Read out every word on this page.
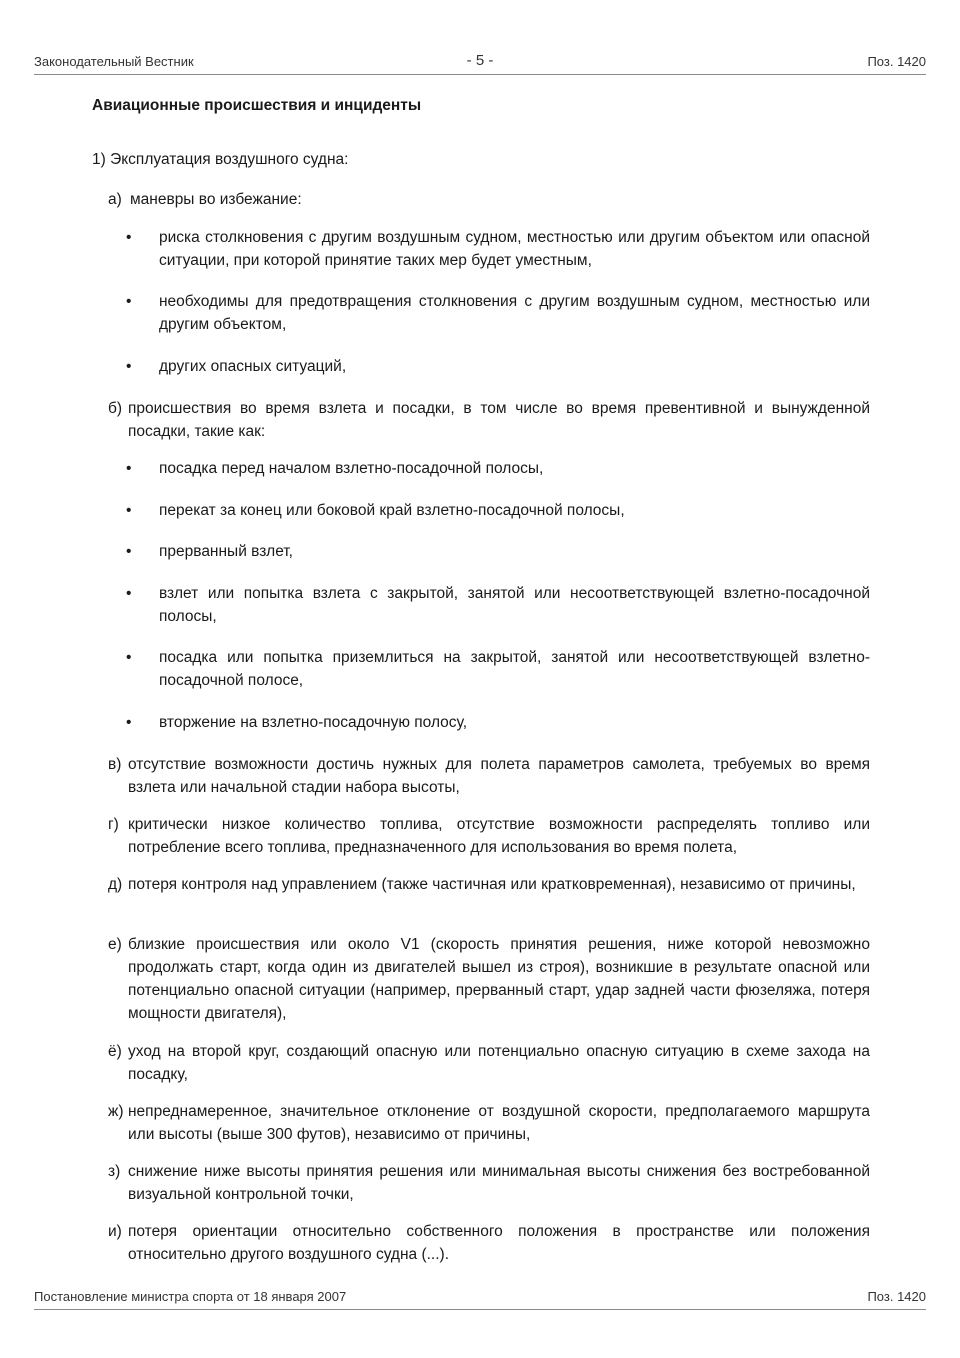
Законодательный Вестник	- 5 -	Поз. 1420
Авиационные происшествия и инциденты
1) Эксплуатация воздушного судна:
а) маневры во избежание:
•	риска столкновения с другим воздушным судном, местностью или другим объектом или опасной ситуации, при которой принятие таких мер будет уместным,
•	необходимы для предотвращения столкновения с другим воздушным судном, местностью или другим объектом,
•	других опасных ситуаций,
б) происшествия во время взлета и посадки, в том числе во время превентивной и вынужденной посадки, такие как:
•	посадка перед началом взлетно-посадочной полосы,
•	перекат за конец или боковой край взлетно-посадочной полосы,
•	прерванный взлет,
•	взлет или попытка взлета с закрытой, занятой или несоответствующей взлетно-посадочной полосы,
•	посадка или попытка приземлиться на закрытой, занятой или несоответствующей взлетно-посадочной полосе,
•	вторжение на взлетно-посадочную полосу,
в) отсутствие возможности достичь нужных для полета параметров самолета, требуемых во время взлета или начальной стадии набора высоты,
г) критически низкое количество топлива, отсутствие возможности распределять топливо или потребление всего топлива, предназначенного для использования во время полета,
д) потеря контроля над управлением (также частичная или кратковременная), независимо от причины,
е) близкие происшествия или около V1 (скорость принятия решения, ниже которой невозможно продолжать старт, когда один из двигателей вышел из строя), возникшие в результате опасной или потенциально опасной ситуации (например, прерванный старт, удар задней части фюзеляжа, потеря мощности двигателя),
ё) уход на второй круг, создающий опасную или потенциально опасную ситуацию в схеме захода на посадку,
ж) непреднамеренное, значительное отклонение от воздушной скорости, предполагаемого маршрута или высоты (выше 300 футов), независимо от причины,
з) снижение ниже высоты принятия решения или минимальная высоты снижения без востребованной визуальной контрольной точки,
и) потеря ориентации относительно собственного положения в пространстве или положения относительно другого воздушного судна (...).
Постановление министра спорта от 18 января 2007	Поз. 1420
